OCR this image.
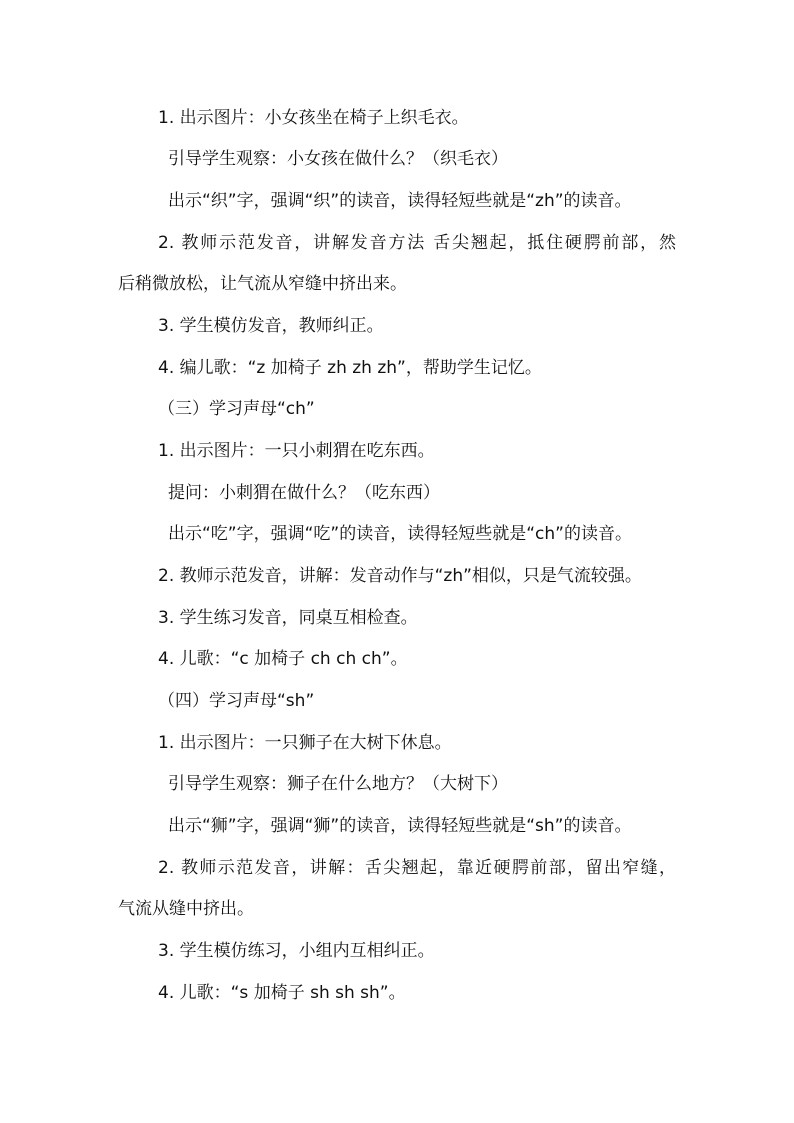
1. 出示图片：小女孩坐在椅子上织毛衣。
引导学生观察：小女孩在做什么？（织毛衣）
出示“织”字，强调“织”的读音，读得轻短些就是“zh”的读音。
2. 教师示范发音，讲解发音方法 舌尖翘起，抵住硬腭前部，然
后稍微放松，让气流从窄缝中挤出来。
3. 学生模仿发音，教师纠正。
4. 编儿歌：“z 加椅子 zh zh zh”，帮助学生记忆。
（三）学习声母“ch”
1. 出示图片：一只小刺猬在吃东西。
提问：小刺猬在做什么？（吃东西）
出示“吃”字，强调“吃”的读音，读得轻短些就是“ch”的读音。
2. 教师示范发音，讲解：发音动作与“zh”相似，只是气流较强。
3. 学生练习发音，同桌互相检查。
4. 儿歌：“c 加椅子 ch ch ch”。
（四）学习声母“sh”
1. 出示图片：一只狮子在大树下休息。
引导学生观察：狮子在什么地方？（大树下）
出示“狮”字，强调“狮”的读音，读得轻短些就是“sh”的读音。
2. 教师示范发音，讲解：舌尖翘起，靠近硬腭前部，留出窄缝，
气流从缝中挤出。
3. 学生模仿练习，小组内互相纠正。
4. 儿歌：“s 加椅子 sh sh sh”。
